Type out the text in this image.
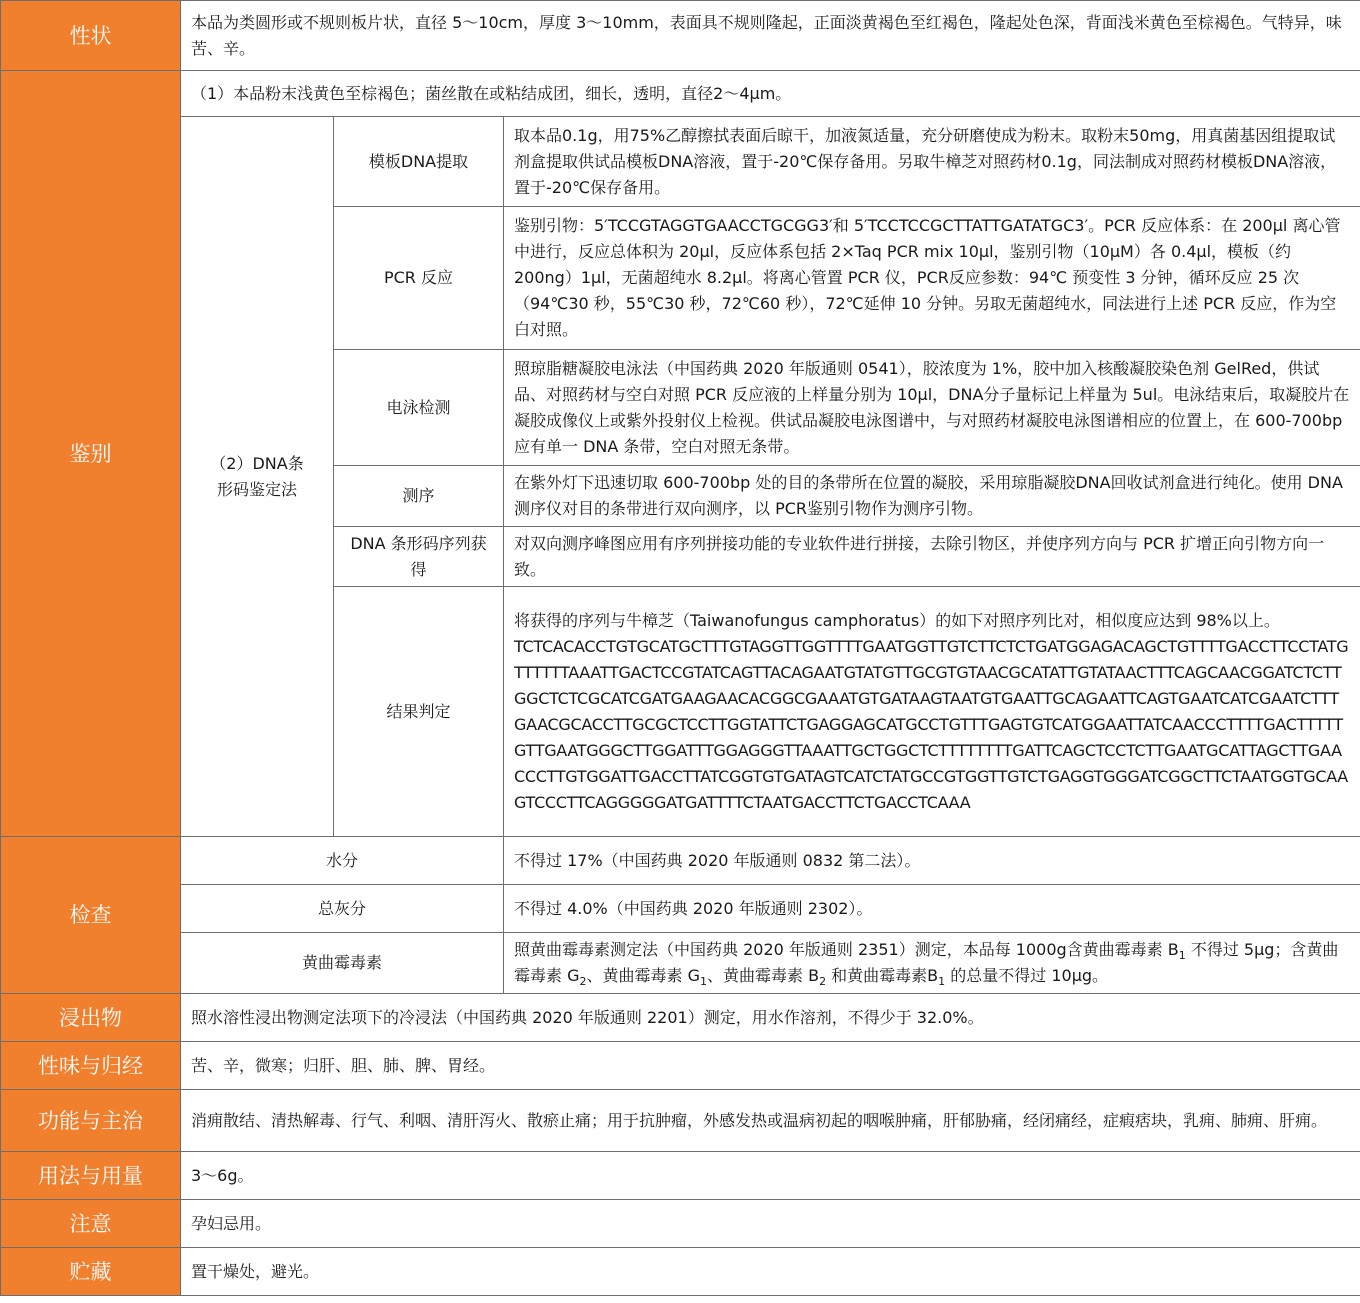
性状	本品为类圆形或不规则板片状，直径 5～10cm，厚度 3～10mm，表面具不规则隆起，正面淡黄褐色至红褐色，隆起处色深，背面浅米黄色至棕褐色。气特异，味苦、辛。		
鉴别	（1）本品粉末浅黄色至棕褐色；菌丝散在或粘结成团，细长，透明，直径2～4μm。		

	（2）DNA条形码鉴定法	模板DNA提取	取本品0.1g，用75%乙醇擦拭表面后晾干，加液氮适量，充分研磨使成为粉末。取粉末50mg，用真菌基因组提取试剂盒提取供试品模板DNA溶液，置于-20℃保存备用。另取牛樟芝对照药材0.1g，同法制成对照药材模板DNA溶液，置于-20℃保存备用。
		PCR 反应	鉴别引物：5′TCCGTAGGTGAACCTGCGG3′和 5′TCCTCCGCTTATTGATATGC3′。PCR 反应体系：在 200μl 离心管中进行，反应总体积为 20μl，反应体系包括 2×Taq PCR mix 10μl，鉴别引物（10μM）各 0.4μl，模板（约 200ng）1μl，无菌超纯水 8.2μl。将离心管置 PCR 仪，PCR反应参数：94℃ 预变性 3 分钟，循环反应 25 次（94℃30 秒，55℃30 秒，72℃60 秒），72℃延伸 10 分钟。另取无菌超纯水，同法进行上述 PCR 反应，作为空白对照。
		电泳检测	照琼脂糖凝胶电泳法（中国药典 2020 年版通则 0541），胶浓度为 1%，胶中加入核酸凝胶染色剂 GelRed，供试品、对照药材与空白对照 PCR 反应液的上样量分别为 10μl，DNA分子量标记上样量为 5ul。电泳结束后，取凝胶片在凝胶成像仪上或紫外投射仪上检视。供试品凝胶电泳图谱中，与对照药材凝胶电泳图谱相应的位置上，在 600-700bp 应有单一 DNA 条带，空白对照无条带。
		测序	在紫外灯下迅速切取 600-700bp 处的目的条带所在位置的凝胶，采用琼脂凝胶DNA回收试剂盒进行纯化。使用 DNA 测序仪对目的条带进行双向测序，以 PCR鉴别引物作为测序引物。

		DNA 条形码序列获得	对双向测序峰图应用有序列拼接功能的专业软件进行拼接，去除引物区，并使序列方向与 PCR 扩增正向引物方向一致。
		结果判定	将获得的序列与牛樟芝（Taiwanofungus camphoratus）的如下对照序列比对，相似度应达到 98%以上。
TCTCACACCTGTGCATGCTTTGTAGGTTGGTTTTGAATGGTTGTCTTCTCTGATGGAGACAGCTGTTTTGACCTTCCTATGTTTTTTAAATTGACTCCGTATCAGTTACAGAATGTATGTTGCGTGTAACGCATATTGTATAACTTTCAGCAACGGATCTCTTGGCTCTCGCATCGATGAAGAACACGGCGAAATGTGATAAGTAATGTGAATTGCAGAATTCAGTGAATCATCGAATCTTTGAACGCACCTTGCGCTCCTTGGTATTCTGAGGAGCATGCCTGTTTGAGTGTCATGGAATTATCAACCCTTTTGACTTTTTGTTGAATGGGCTTGGATTTGGAGGGTTAAATTGCTGGCTCTTTTTTTTGATTCAGCTCCTCTTGAATGCATTAGCTTGAACCCTTGTGGATTGACCTTATCGGTGTGATAGTCATCTATGCCGTGGTTGTCTGAGGTGGGATCGGCTTCTAATGGTGCAAGTCCCTTCAGGGGGATGATTTTCTAATGACCTTCTGACCTCAAA

检查	水分		不得过 17%（中国药典 2020 年版通则 0832 第二法）。
	总灰分		不得过 4.0%（中国药典 2020 年版通则 2302）。
	黄曲霉毒素		照黄曲霉毒素测定法（中国药典 2020 年版通则 2351）测定，本品每 1000g含黄曲霉毒素 $B_1$ 不得过 5μg；含黄曲霉毒素 $G_2$、黄曲霉毒素 $G_1$、黄曲霉毒素 $B_2$ 和黄曲霉毒素$B_1$ 的总量不得过 10μg。
浸出物	照水溶性浸出物测定法项下的冷浸法（中国药典 2020 年版通则 2201）测定，用水作溶剂，不得少于 32.0%。		
性味与归经	苦、辛，微寒；归肝、胆、肺、脾、胃经。		
功能与主治	消痈散结、清热解毒、行气、利咽、清肝泻火、散瘀止痛；用于抗肿瘤，外感发热或温病初起的咽喉肿痛，肝郁胁痛，经闭痛经，症瘕痞块，乳痈、肺痈、肝痈。		
用法与用量	3～6g。		
注意	孕妇忌用。		
贮藏	置干燥处，避光。		
